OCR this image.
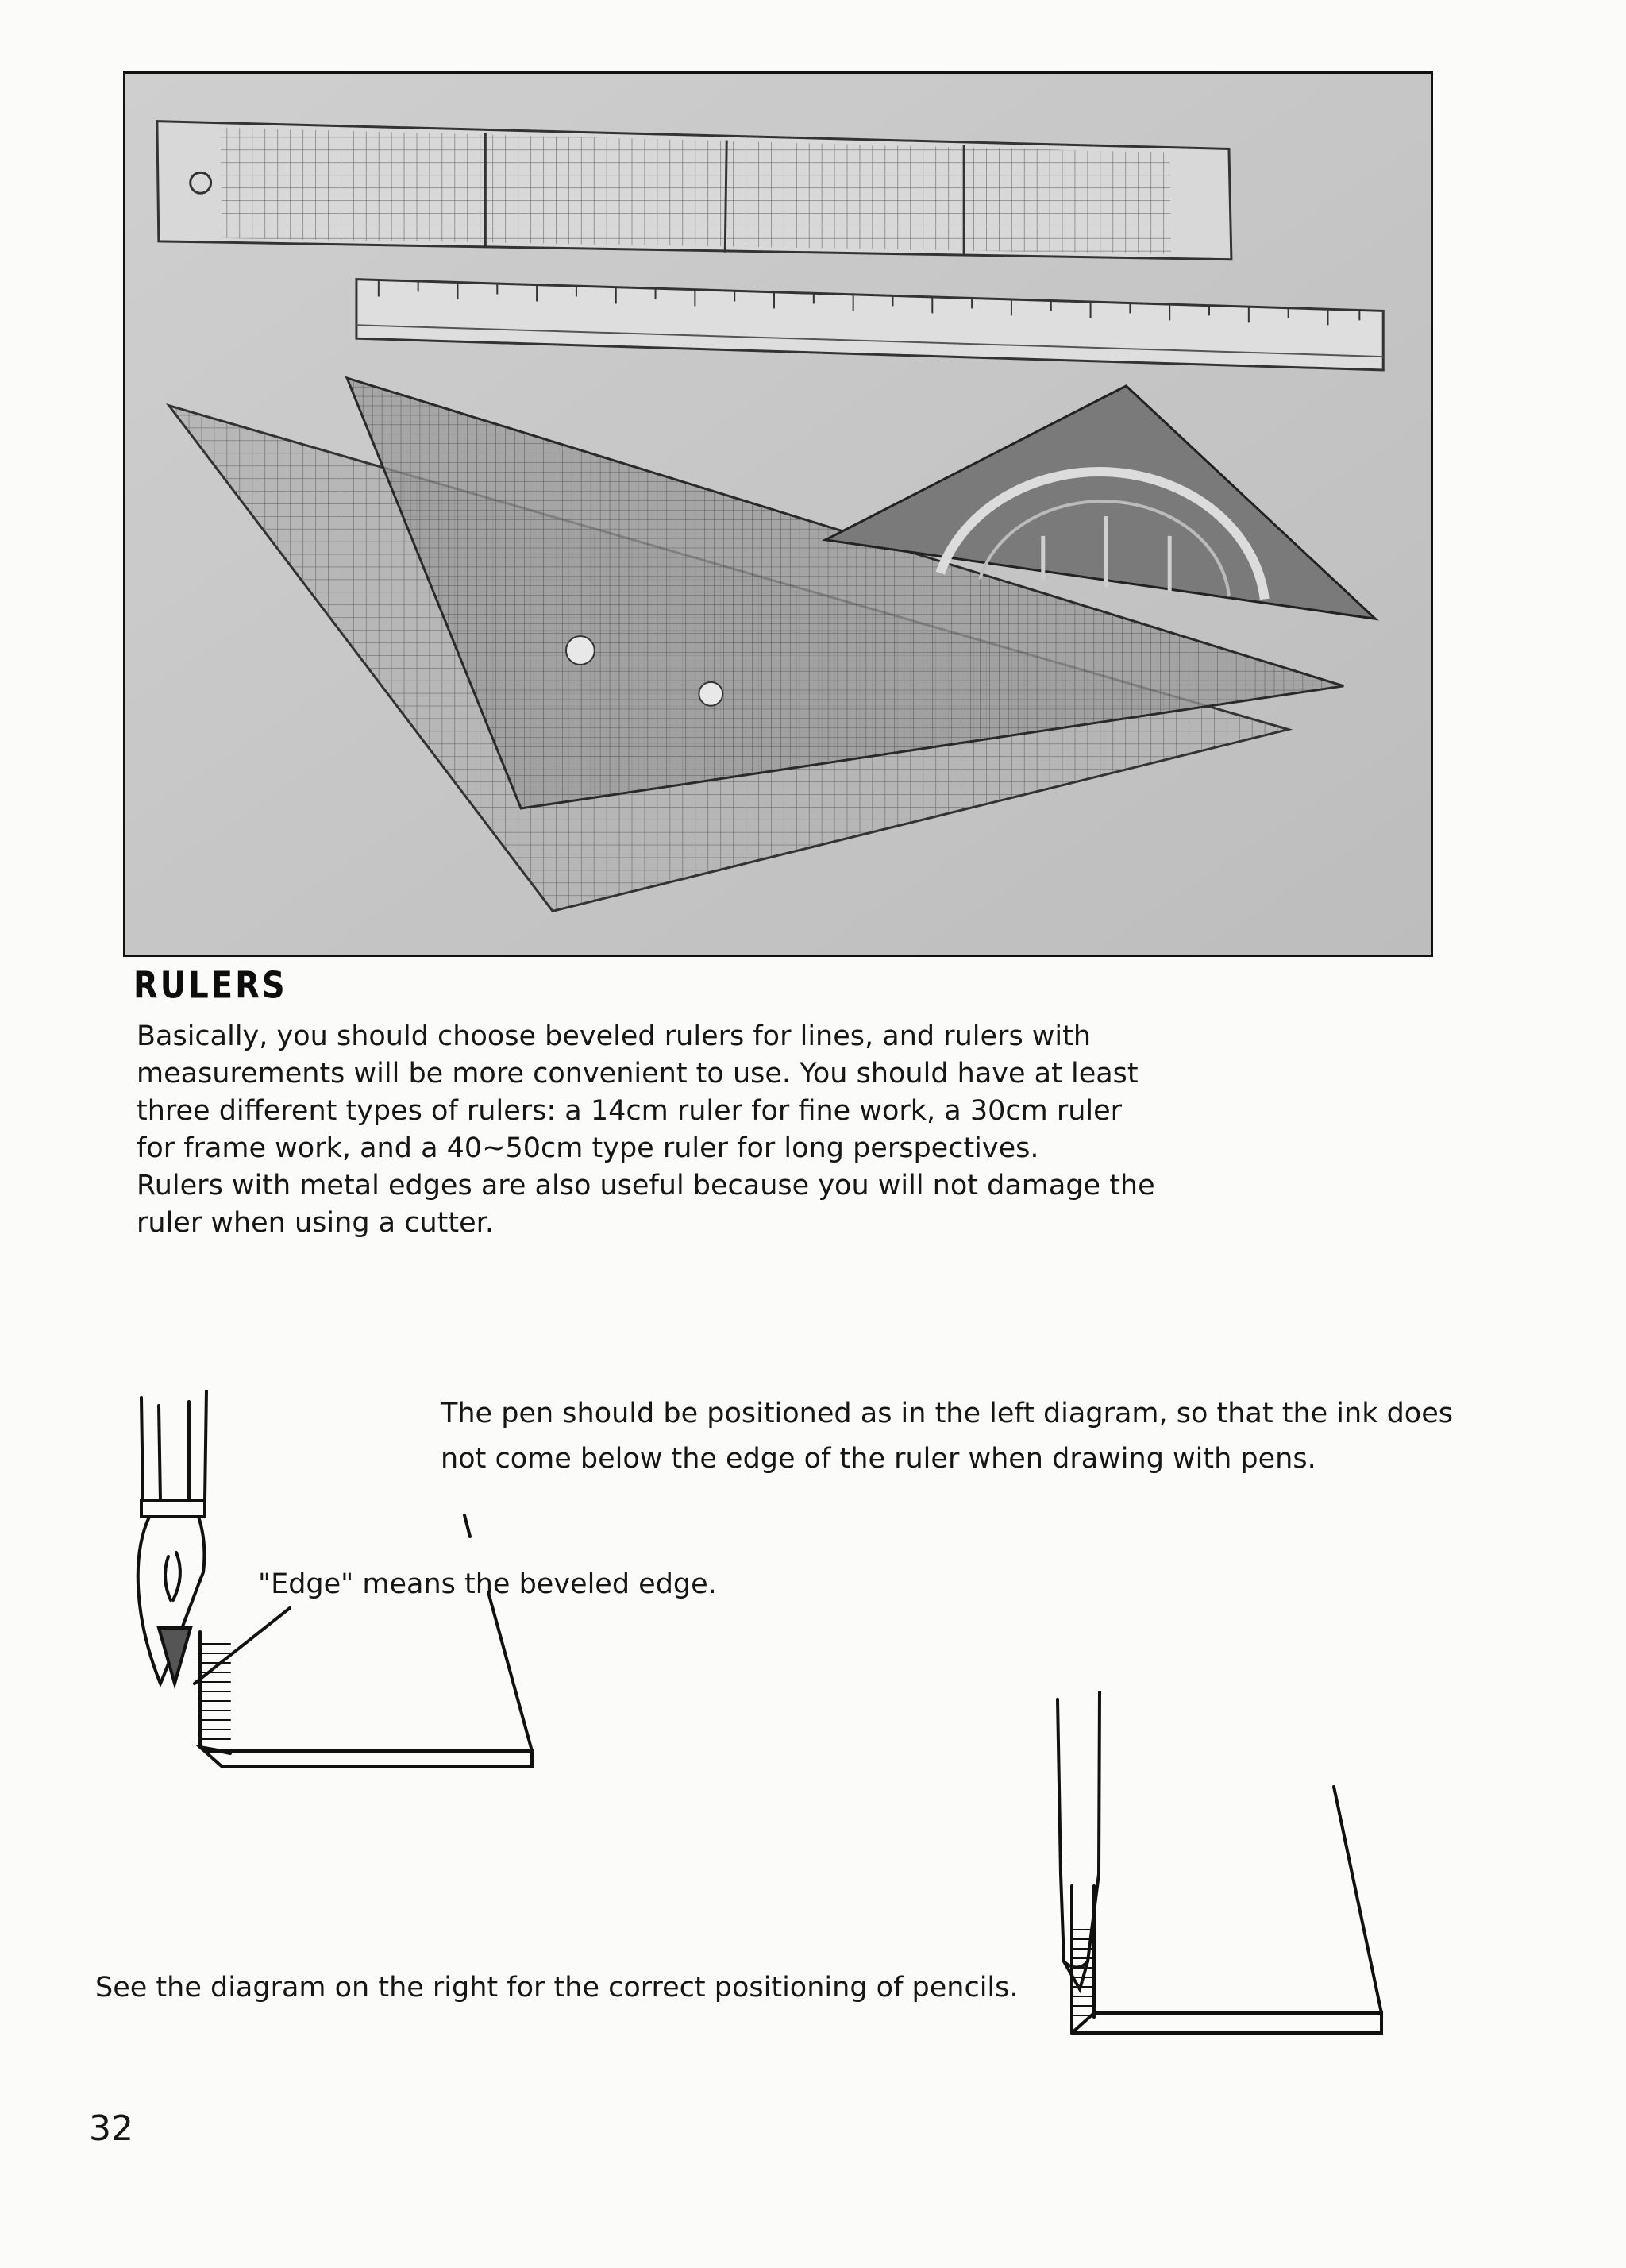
RULERS

Basically, you should choose beveled rulers for lines, and rulers with

measurements will be more convenient to use. You should have at least

three different types of rulers: a 14cm ruler for fine work, a 30cm ruler

for frame work, and a 40~50cm type ruler for long perspectives.

Rulers with metal edges are also useful because you will not damage the

ruler when using a cutter.

The pen should be positioned as in the left diagram, so that the ink does
not come below the edge of the ruler when drawing with pens.
"Edge" means the beveled edge.
See the diagram on the right for the correct positioning of pencils.
32
